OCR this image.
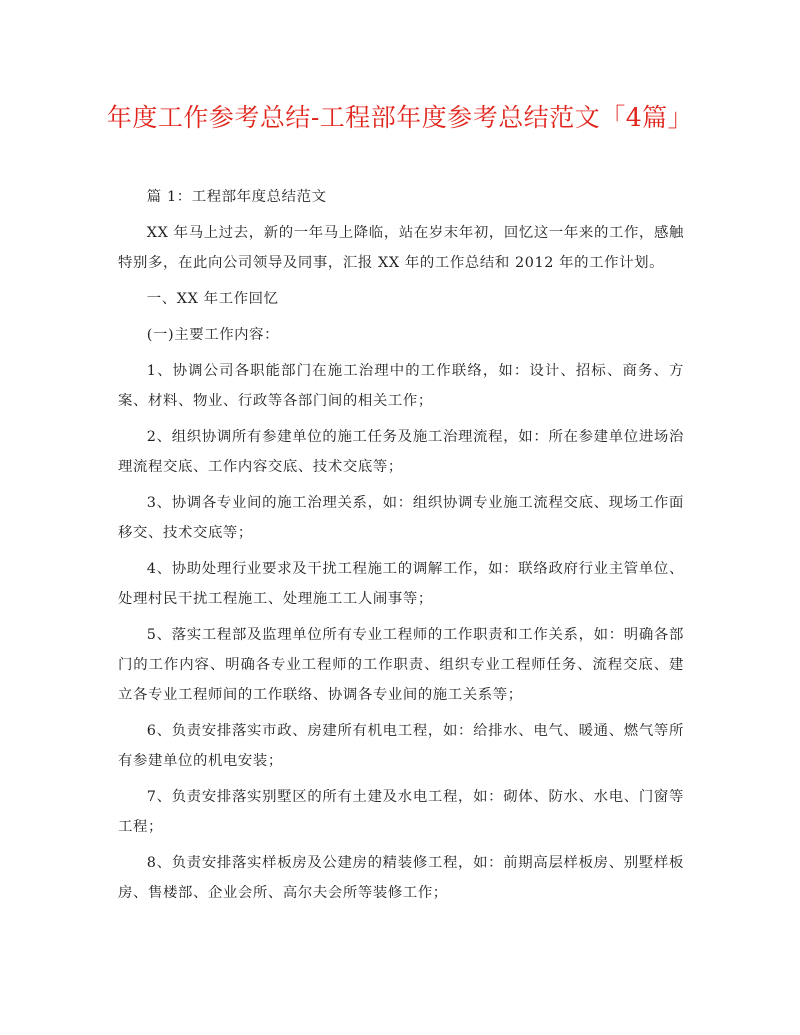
年度工作参考总结-工程部年度参考总结范文「4篇」

篇 1：工程部年度总结范文

XX 年马上过去，新的一年马上降临，站在岁末年初，回忆这一年来的工作，感触特别多，在此向公司领导及同事，汇报 XX 年的工作总结和 2012 年的工作计划。

一、XX 年工作回忆

(一)主要工作内容：

1、协调公司各职能部门在施工治理中的工作联络，如：设计、招标、商务、方案、材料、物业、行政等各部门间的相关工作；

2、组织协调所有参建单位的施工任务及施工治理流程，如：所在参建单位进场治理流程交底、工作内容交底、技术交底等；

3、协调各专业间的施工治理关系，如：组织协调专业施工流程交底、现场工作面移交、技术交底等；

4、协助处理行业要求及干扰工程施工的调解工作，如：联络政府行业主管单位、处理村民干扰工程施工、处理施工工人闹事等；

5、落实工程部及监理单位所有专业工程师的工作职责和工作关系，如：明确各部门的工作内容、明确各专业工程师的工作职责、组织专业工程师任务、流程交底、建立各专业工程师间的工作联络、协调各专业间的施工关系等；

6、负责安排落实市政、房建所有机电工程，如：给排水、电气、暖通、燃气等所有参建单位的机电安装；

7、负责安排落实别墅区的所有土建及水电工程，如：砌体、防水、水电、门窗等工程；

8、负责安排落实样板房及公建房的精装修工程，如：前期高层样板房、别墅样板房、售楼部、企业会所、高尔夫会所等装修工作；
